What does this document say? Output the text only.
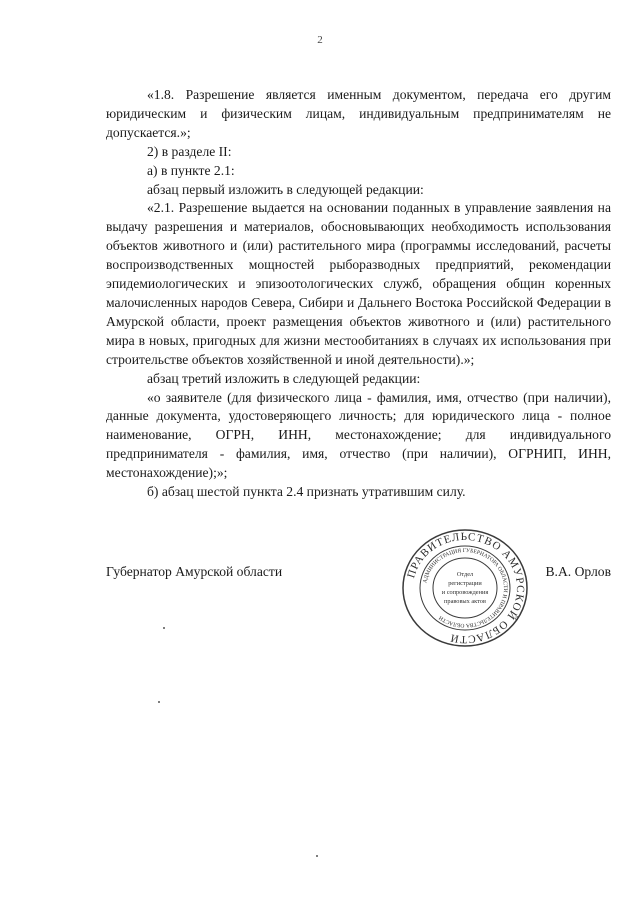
2

«1.8. Разрешение является именным документом, передача его другим юридическим и физическим лицам, индивидуальным предпринимателям не допускается.»;

2) в разделе II:

а) в пункте 2.1:

абзац первый изложить в следующей редакции:

«2.1. Разрешение выдается на основании поданных в управление заявления на выдачу разрешения и материалов, обосновывающих необходимость использования объектов животного и (или) растительного мира (программы исследований, расчеты воспроизводственных мощностей рыборазводных предприятий, рекомендации эпидемиологических и эпизоотологических служб, обращения общин коренных малочисленных народов Севера, Сибири и Дальнего Востока Российской Федерации в Амурской области, проект размещения объектов животного и (или) растительного мира в новых, пригодных для жизни местообитаниях в случаях их использования при строительстве объектов хозяйственной и иной деятельности).»;

абзац третий изложить в следующей редакции:

«о заявителе (для физического лица - фамилия, имя, отчество (при наличии), данные документа, удостоверяющего личность; для юридического лица - полное наименование, ОГРН, ИНН, местонахождение; для индивидуального предпринимателя - фамилия, имя, отчество (при наличии), ОГРНИП, ИНН, местонахождение);»;

б) абзац шестой пункта 2.4 признать утратившим силу.

Губернатор Амурской области	В.А. Орлов
ПРАВИТЕЛЬСТВО АМУРСКОЙ ОБЛАСТИ
АДМИНИСТРАЦИЯ ГУБЕРНАТОРА ОБЛАСТИ И ПРАВИТЕЛЬСТВА ОБЛАСТИ
Отдел
регистрации
и сопровождения
правовых актов
